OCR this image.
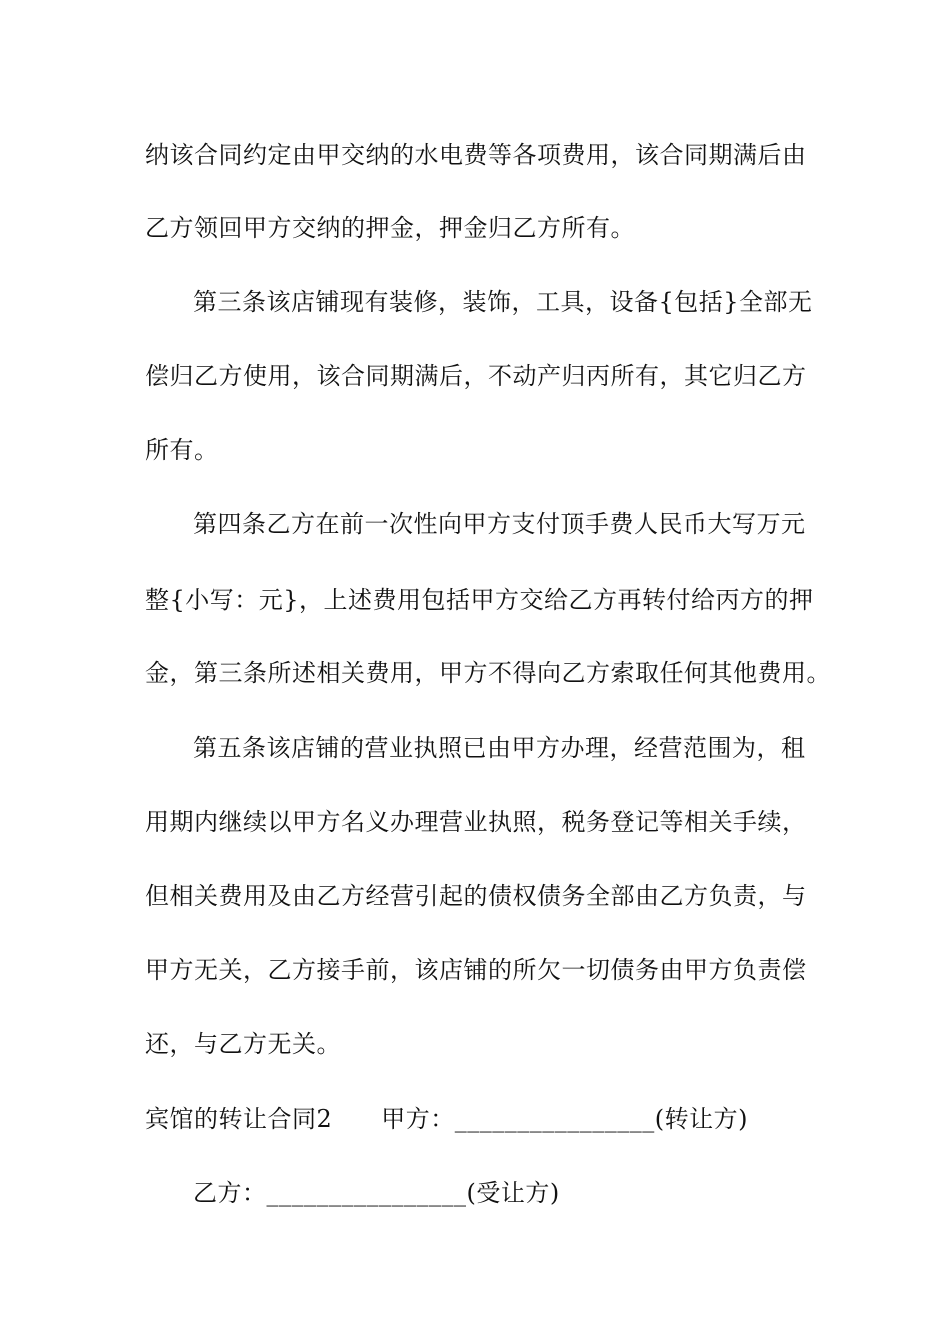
纳该合同约定由甲交纳的水电费等各项费用，该合同期满后由
乙方领回甲方交纳的押金，押金归乙方所有。
第三条该店铺现有装修，装饰，工具，设备{包括}全部无
偿归乙方使用，该合同期满后，不动产归丙所有，其它归乙方
所有。
第四条乙方在前一次性向甲方支付顶手费人民币大写万元
整{小写：元}，上述费用包括甲方交给乙方再转付给丙方的押
金，第三条所述相关费用，甲方不得向乙方索取任何其他费用。
第五条该店铺的营业执照已由甲方办理，经营范围为，租
用期内继续以甲方名义办理营业执照，税务登记等相关手续，
但相关费用及由乙方经营引起的债权债务全部由乙方负责，与
甲方无关，乙方接手前，该店铺的所欠一切债务由甲方负责偿
还，与乙方无关。
宾馆的转让合同2　　甲方：________________(转让方)
乙方：________________(受让方)
